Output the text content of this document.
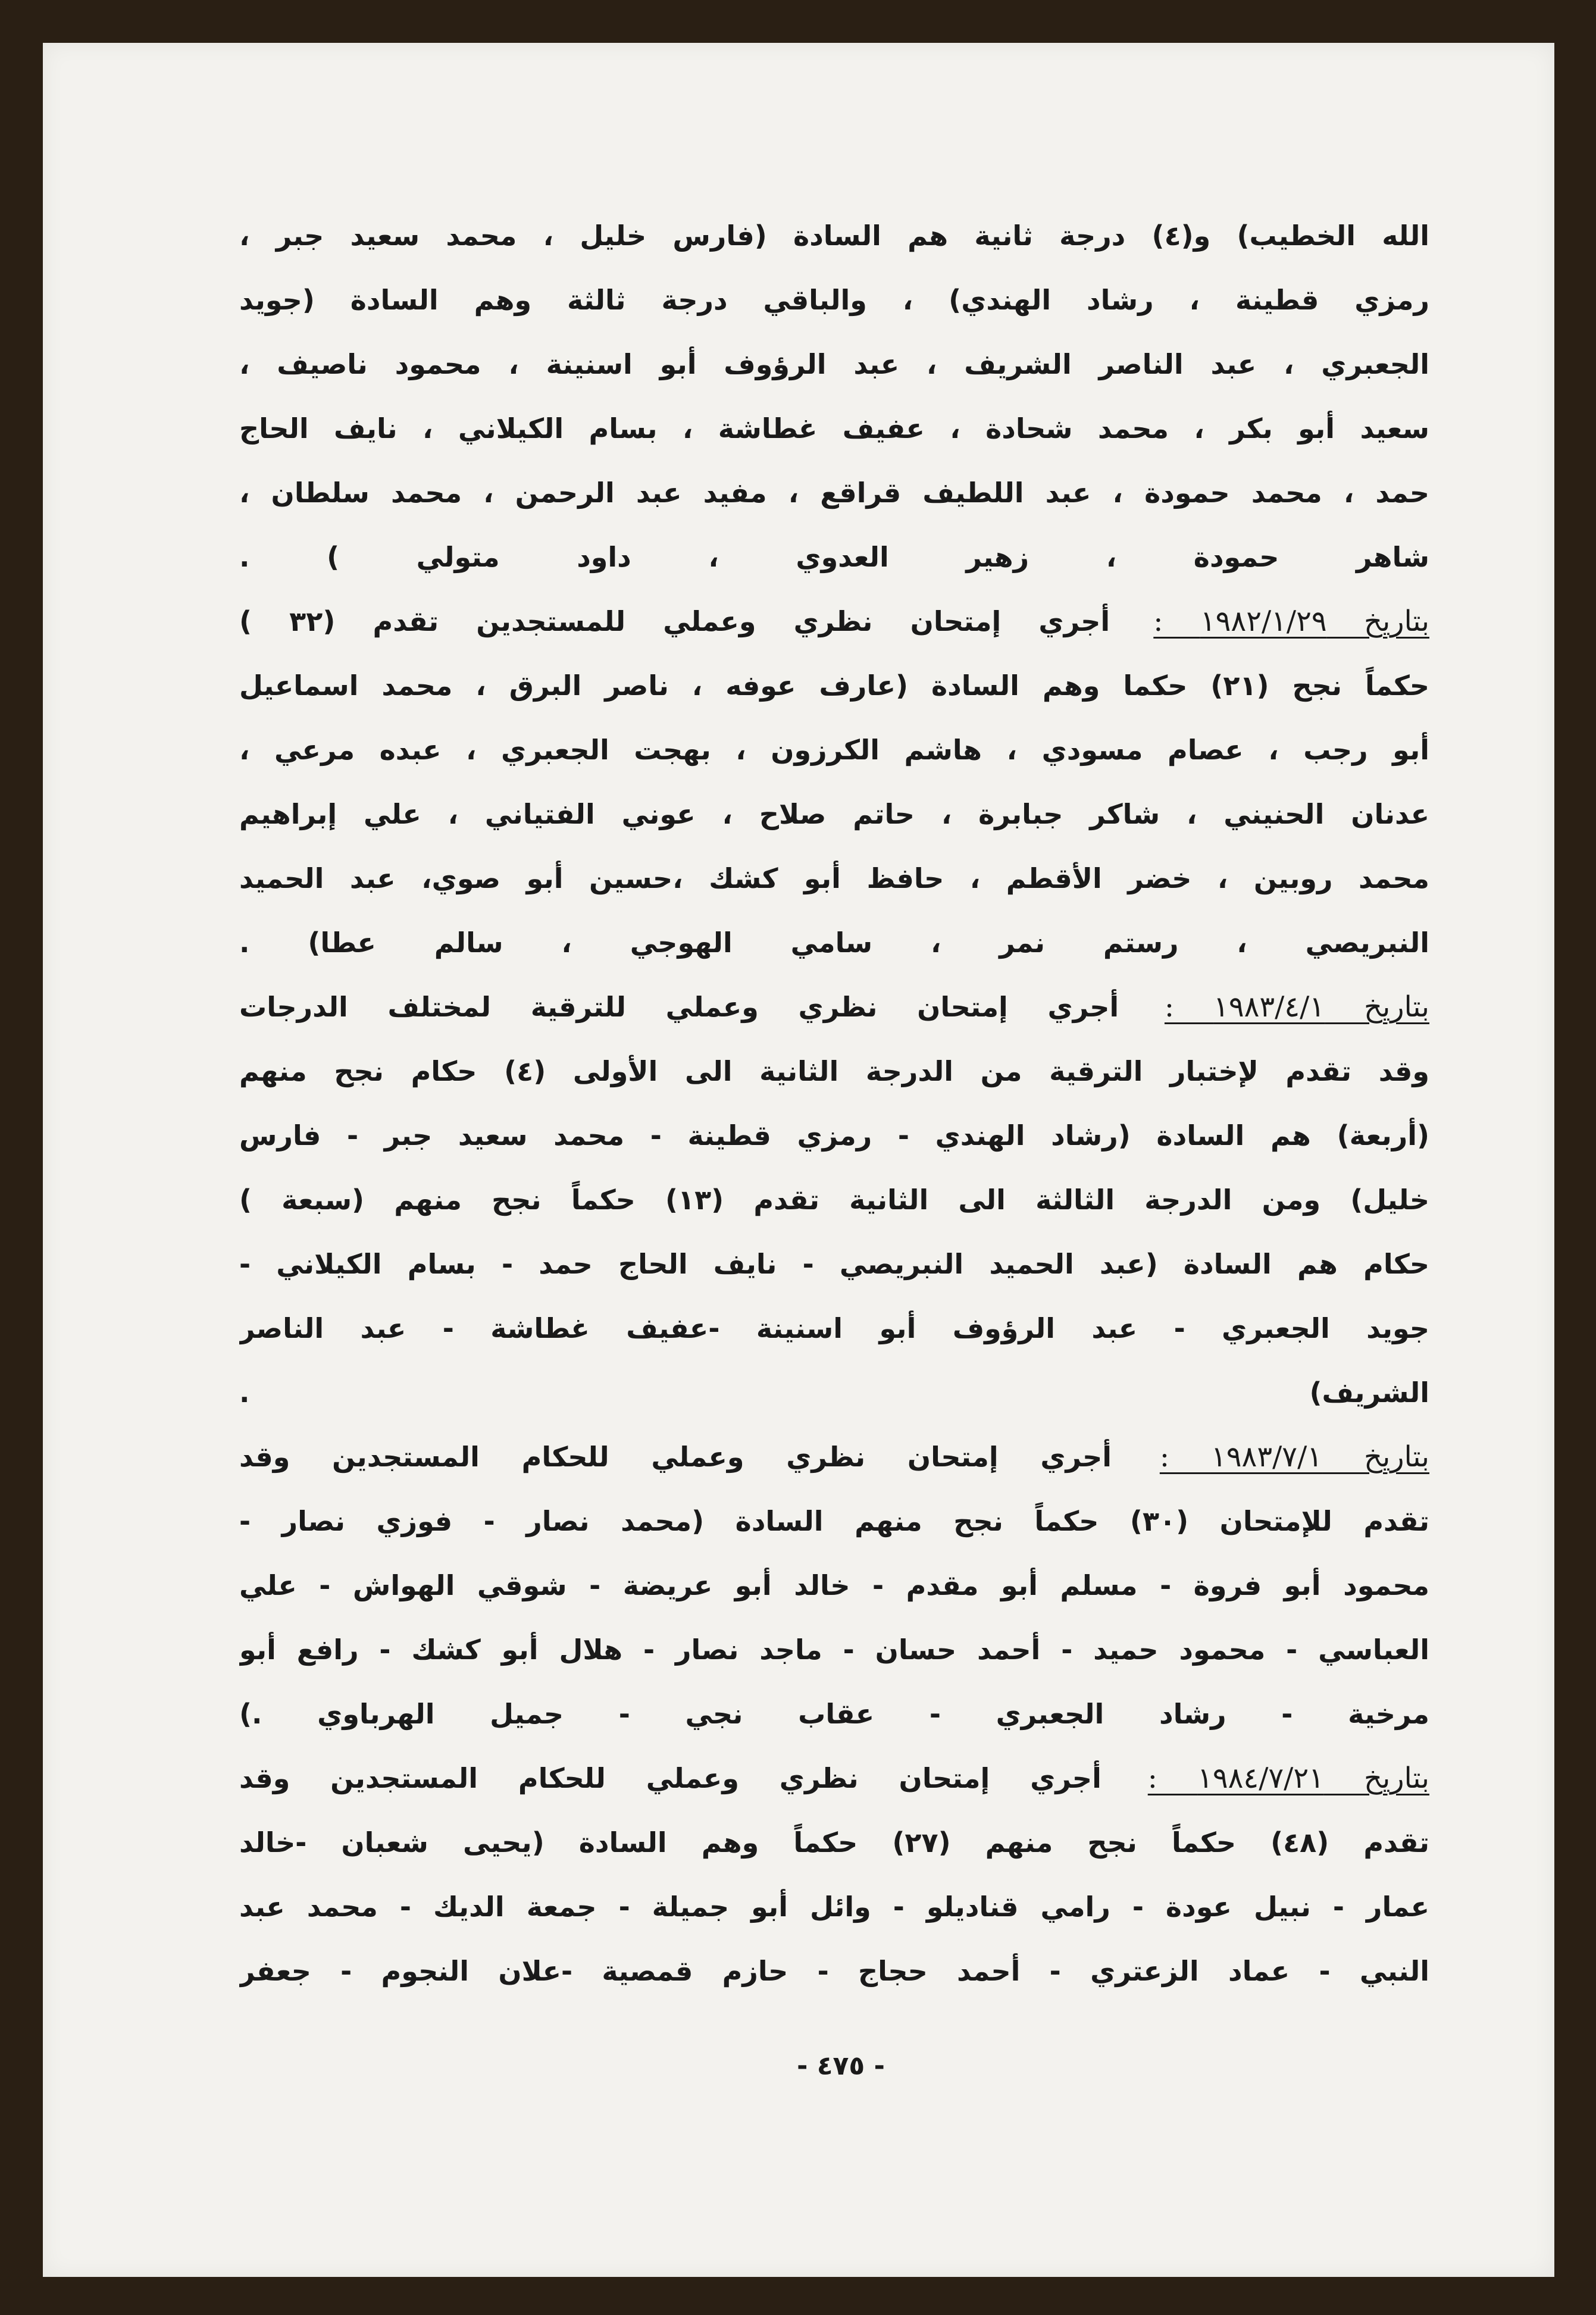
الله الخطيب) و(٤) درجة ثانية هم السادة (فارس خليل ، محمد سعيد جبر ،
رمزي قطينة ، رشاد الهندي) ، والباقي درجة ثالثة وهم السادة (جويد
الجعبري ، عبد الناصر الشريف ، عبد الرؤوف أبو اسنينة ، محمود ناصيف ،
سعيد أبو بكر ، محمد شحادة ، عفيف غطاشة ، بسام الكيلاني ، نايف الحاج
حمد ، محمد حمودة ، عبد اللطيف قراقع ، مفيد عبد الرحمن ، محمد سلطان ،
شاهر حمودة ، زهير العدوي ، داود متولي ) .
بتاريخ ١٩٨٢/١/٢٩ : أجري إمتحان نظري وعملي للمستجدين تقدم (٣٢ )
حكماً نجح (٢١) حكما وهم السادة (عارف عوفه ، ناصر البرق ، محمد اسماعيل
أبو رجب ، عصام مسودي ، هاشم الكرزون ، بهجت الجعبري ، عبده مرعي ،
عدنان الحنيني ، شاكر جبابرة ، حاتم صلاح ، عوني الفتياني ، علي إبراهيم
محمد روبين ، خضر الأقطم ، حافظ أبو كشك ،حسين أبو صوي، عبد الحميد
النبريصي ، رستم نمر ، سامي الهوجي ، سالم عطا) .
بتاريخ ١٩٨٣/٤/١ : أجري إمتحان نظري وعملي للترقية لمختلف الدرجات
وقد تقدم لإختبار الترقية من الدرجة الثانية الى الأولى (٤) حكام نجح منهم
(أربعة) هم السادة (رشاد الهندي - رمزي قطينة - محمد سعيد جبر - فارس
خليل) ومن الدرجة الثالثة الى الثانية تقدم (١٣) حكماً نجح منهم (سبعة )
حكام هم السادة (عبد الحميد النبريصي - نايف الحاج حمد - بسام الكيلاني -
جويد الجعبري - عبد الرؤوف أبو اسنينة -عفيف غطاشة - عبد الناصر
الشريف) .
بتاريخ ١٩٨٣/٧/١ : أجري إمتحان نظري وعملي للحكام المستجدين وقد
تقدم للإمتحان (٣٠) حكماً نجح منهم السادة (محمد نصار - فوزي نصار -
محمود أبو فروة - مسلم أبو مقدم - خالد أبو عريضة - شوقي الهواش - علي
العباسي - محمود حميد - أحمد حسان - ماجد نصار - هلال أبو كشك - رافع أبو
مرخية - رشاد الجعبري - عقاب نجي - جميل الهرباوي .)
بتاريخ ١٩٨٤/٧/٢١ : أجري إمتحان نظري وعملي للحكام المستجدين وقد
تقدم (٤٨) حكماً نجح منهم (٢٧) حكماً وهم السادة (يحيى شعبان -خالد
عمار - نبيل عودة - رامي قناديلو - وائل أبو جميلة - جمعة الديك - محمد عبد
النبي - عماد الزعتري - أحمد حجاج - حازم قمصية -علان النجوم - جعفر
- ٤٧٥ -
